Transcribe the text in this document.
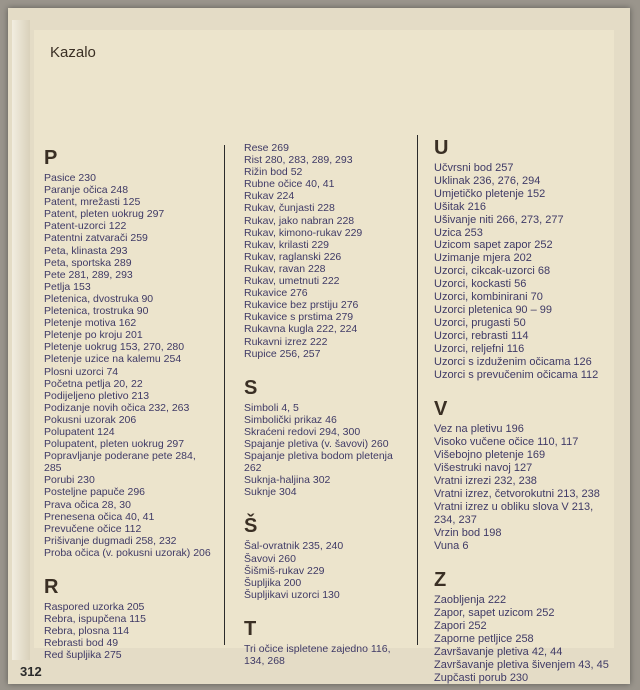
Kazalo
P
Pasice 230
Paranje očica 248
Patent, mrežasti 125
Patent, pleten uokrug 297
Patent-uzorci 122
Patentni zatvarači 259
Peta, klinasta 293
Peta, sportska 289
Pete 281, 289, 293
Petlja 153
Pletenica, dvostruka 90
Pletenica, trostruka 90
Pletenje motiva 162
Pletenje po kroju 201
Pletenje uokrug 153, 270, 280
Pletenje uzice na kalemu 254
Plosni uzorci 74
Početna petlja 20, 22
Podijeljeno pletivo 213
Podizanje novih očica 232, 263
Pokusni uzorak 206
Polupatent 124
Polupatent, pleten uokrug 297
Popravljanje poderane pete 284, 285
Porubi 230
Posteljne papuče 296
Prava očica 28, 30
Prenesena očica 40, 41
Prevučene očice 112
Prišivanje dugmadi 258, 232
Proba očica (v. pokusni uzorak) 206
R
Raspored uzorka 205
Rebra, ispupčena 115
Rebra, plosna 114
Rebrasti bod 49
Red šupljika 275
Rese 269
Rist 280, 283, 289, 293
Rižin bod 52
Rubne očice 40, 41
Rukav 224
Rukav, čunjasti 228
Rukav, jako nabran 228
Rukav, kimono-rukav 229
Rukav, krilasti 229
Rukav, raglanski 226
Rukav, ravan 228
Rukav, umetnuti 222
Rukavice 276
Rukavice bez prstiju 276
Rukavice s prstima 279
Rukavna kugla 222, 224
Rukavni izrez 222
Rupice 256, 257
S
Simboli 4, 5
Simbolički prikaz 46
Skraćeni redovi 294, 300
Spajanje pletiva (v. šavovi) 260
Spajanje pletiva bodom pletenja 262
Suknja-haljina 302
Suknje 304
Š
Šal-ovratnik 235, 240
Šavovi 260
Šišmiš-rukav 229
Šupljika 200
Šupljikavi uzorci 130
T
Tri očice ispletene zajedno 116, 134, 268
U
Učvrsni bod 257
Uklinak 236, 276, 294
Umjetičko pletenje 152
Ušitak 216
Ušivanje niti 266, 273, 277
Uzica 253
Uzicom sapet zapor 252
Uzimanje mjera 202
Uzorci, cikcak-uzorci 68
Uzorci, kockasti 56
Uzorci, kombinirani 70
Uzorci pletenica 90 – 99
Uzorci, prugasti 50
Uzorci, rebrasti 114
Uzorci, reljefni 116
Uzorci s izduženim očicama 126
Uzorci s prevučenim očicama 112
V
Vez na pletivu 196
Visoko vučene očice 110, 117
Višebojno pletenje 169
Višestruki navoj 127
Vratni izrezi 232, 238
Vratni izrez, četvorokutni 213, 238
Vratni izrez u obliku slova V 213, 234, 237
Vrzin bod 198
Vuna 6
Z
Zaobljenja 222
Zapor, sapet uzicom 252
Zapori 252
Zaporne petljice 258
Završavanje pletiva 42, 44
Završavanje pletiva šivenjem 43, 45
Zupčasti porub 230
312
